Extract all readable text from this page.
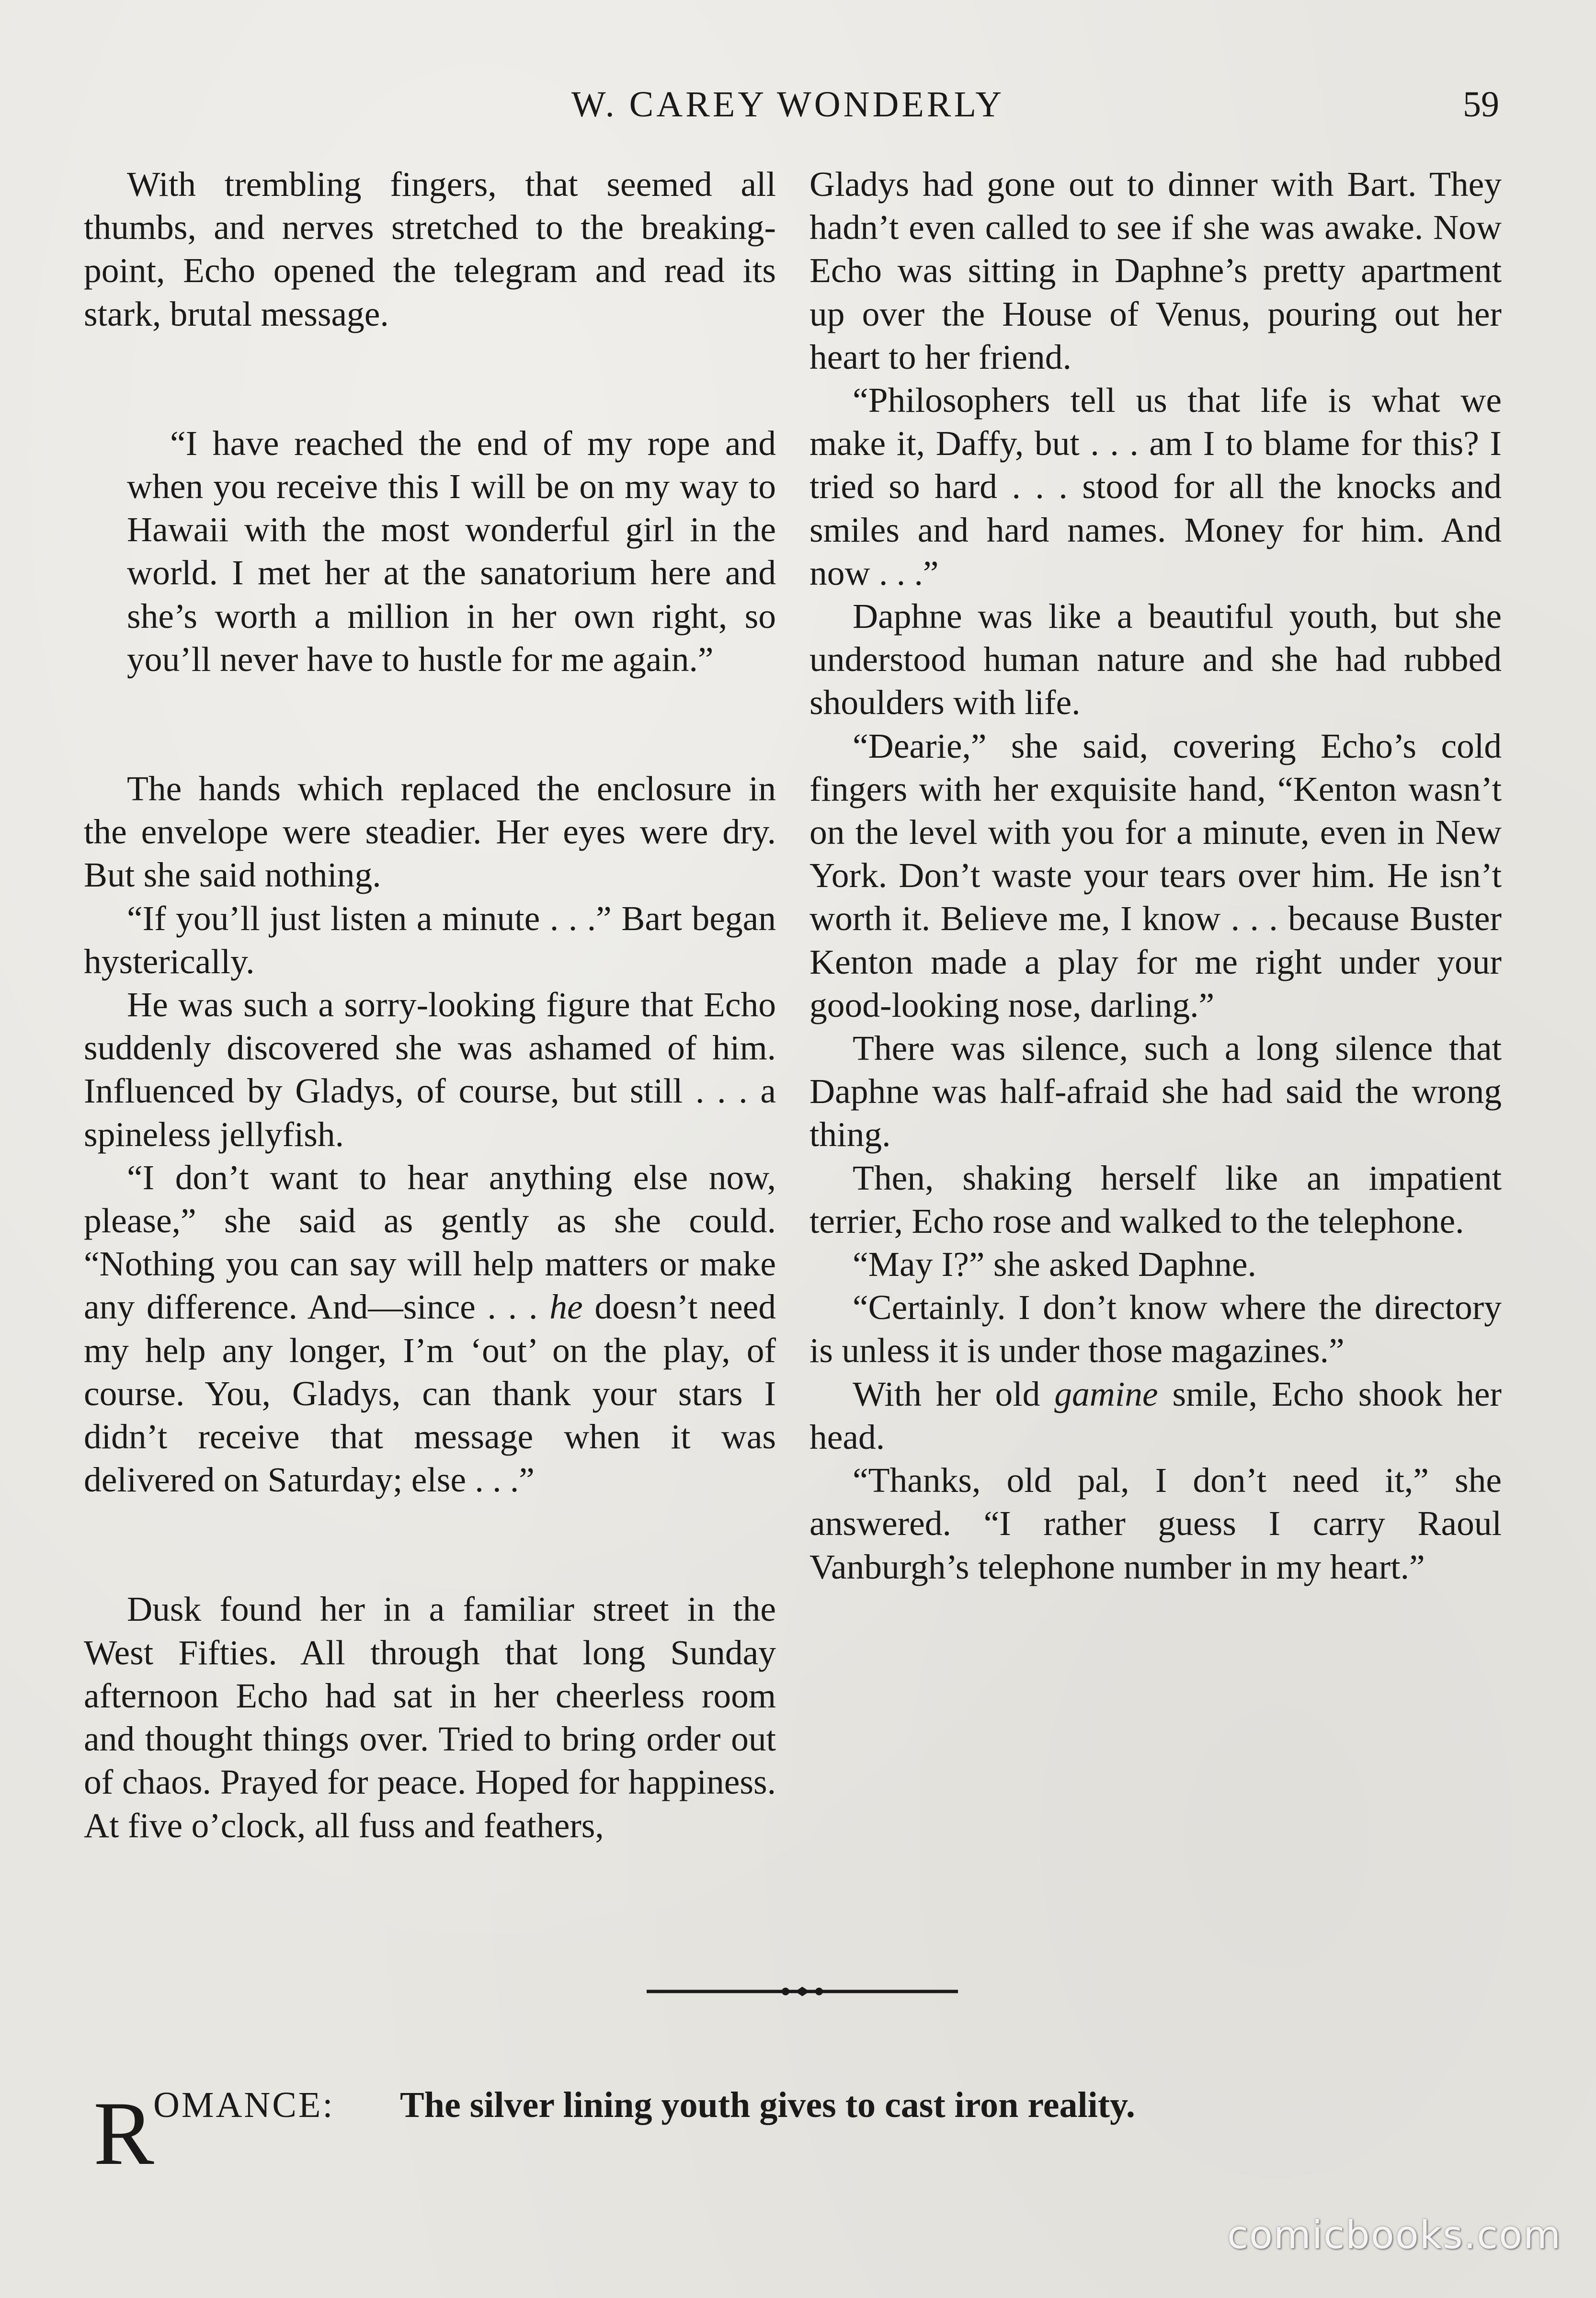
W. CAREY WONDERLY	59

With trembling fingers, that seemed all thumbs, and nerves stretched to the breaking-point, Echo opened the telegram and read its stark, brutal message.

“I have reached the end of my rope and when you receive this I will be on my way to Hawaii with the most wonderful girl in the world. I met her at the sanatorium here and she’s worth a million in her own right, so you’ll never have to hustle for me again.”

The hands which replaced the enclosure in the envelope were steadier. Her eyes were dry. But she said nothing.

“If you’ll just listen a minute . . .” Bart began hysterically.

He was such a sorry-looking figure that Echo suddenly discovered she was ashamed of him. Influenced by Gladys, of course, but still . . . a spineless jellyfish.

“I don’t want to hear anything else now, please,” she said as gently as she could. “Nothing you can say will help matters or make any difference. And—since . . . he doesn’t need my help any longer, I’m ‘out’ on the play, of course. You, Gladys, can thank your stars I didn’t receive that message when it was delivered on Saturday; else . . .”

Dusk found her in a familiar street in the West Fifties. All through that long Sunday afternoon Echo had sat in her cheerless room and thought things over. Tried to bring order out of chaos. Prayed for peace. Hoped for happiness. At five o’clock, all fuss and feathers,

Gladys had gone out to dinner with Bart. They hadn’t even called to see if she was awake. Now Echo was sitting in Daphne’s pretty apartment up over the House of Venus, pouring out her heart to her friend.

“Philosophers tell us that life is what we make it, Daffy, but . . . am I to blame for this? I tried so hard . . . stood for all the knocks and smiles and hard names. Money for him. And now . . .”

Daphne was like a beautiful youth, but she understood human nature and she had rubbed shoulders with life.

“Dearie,” she said, covering Echo’s cold fingers with her exquisite hand, “Kenton wasn’t on the level with you for a minute, even in New York. Don’t waste your tears over him. He isn’t worth it. Believe me, I know . . . because Buster Kenton made a play for me right under your good-looking nose, darling.”

There was silence, such a long silence that Daphne was half-afraid she had said the wrong thing.

Then, shaking herself like an impatient terrier, Echo rose and walked to the telephone.

“May I?” she asked Daphne.

“Certainly. I don’t know where the directory is unless it is under those magazines.”

With her old gamine smile, Echo shook her head.

“Thanks, old pal, I don’t need it,” she answered. “I rather guess I carry Raoul Vanburgh’s telephone number in my heart.”

R
OMANCE: The silver lining youth gives to cast iron reality.
comicbooks.com
